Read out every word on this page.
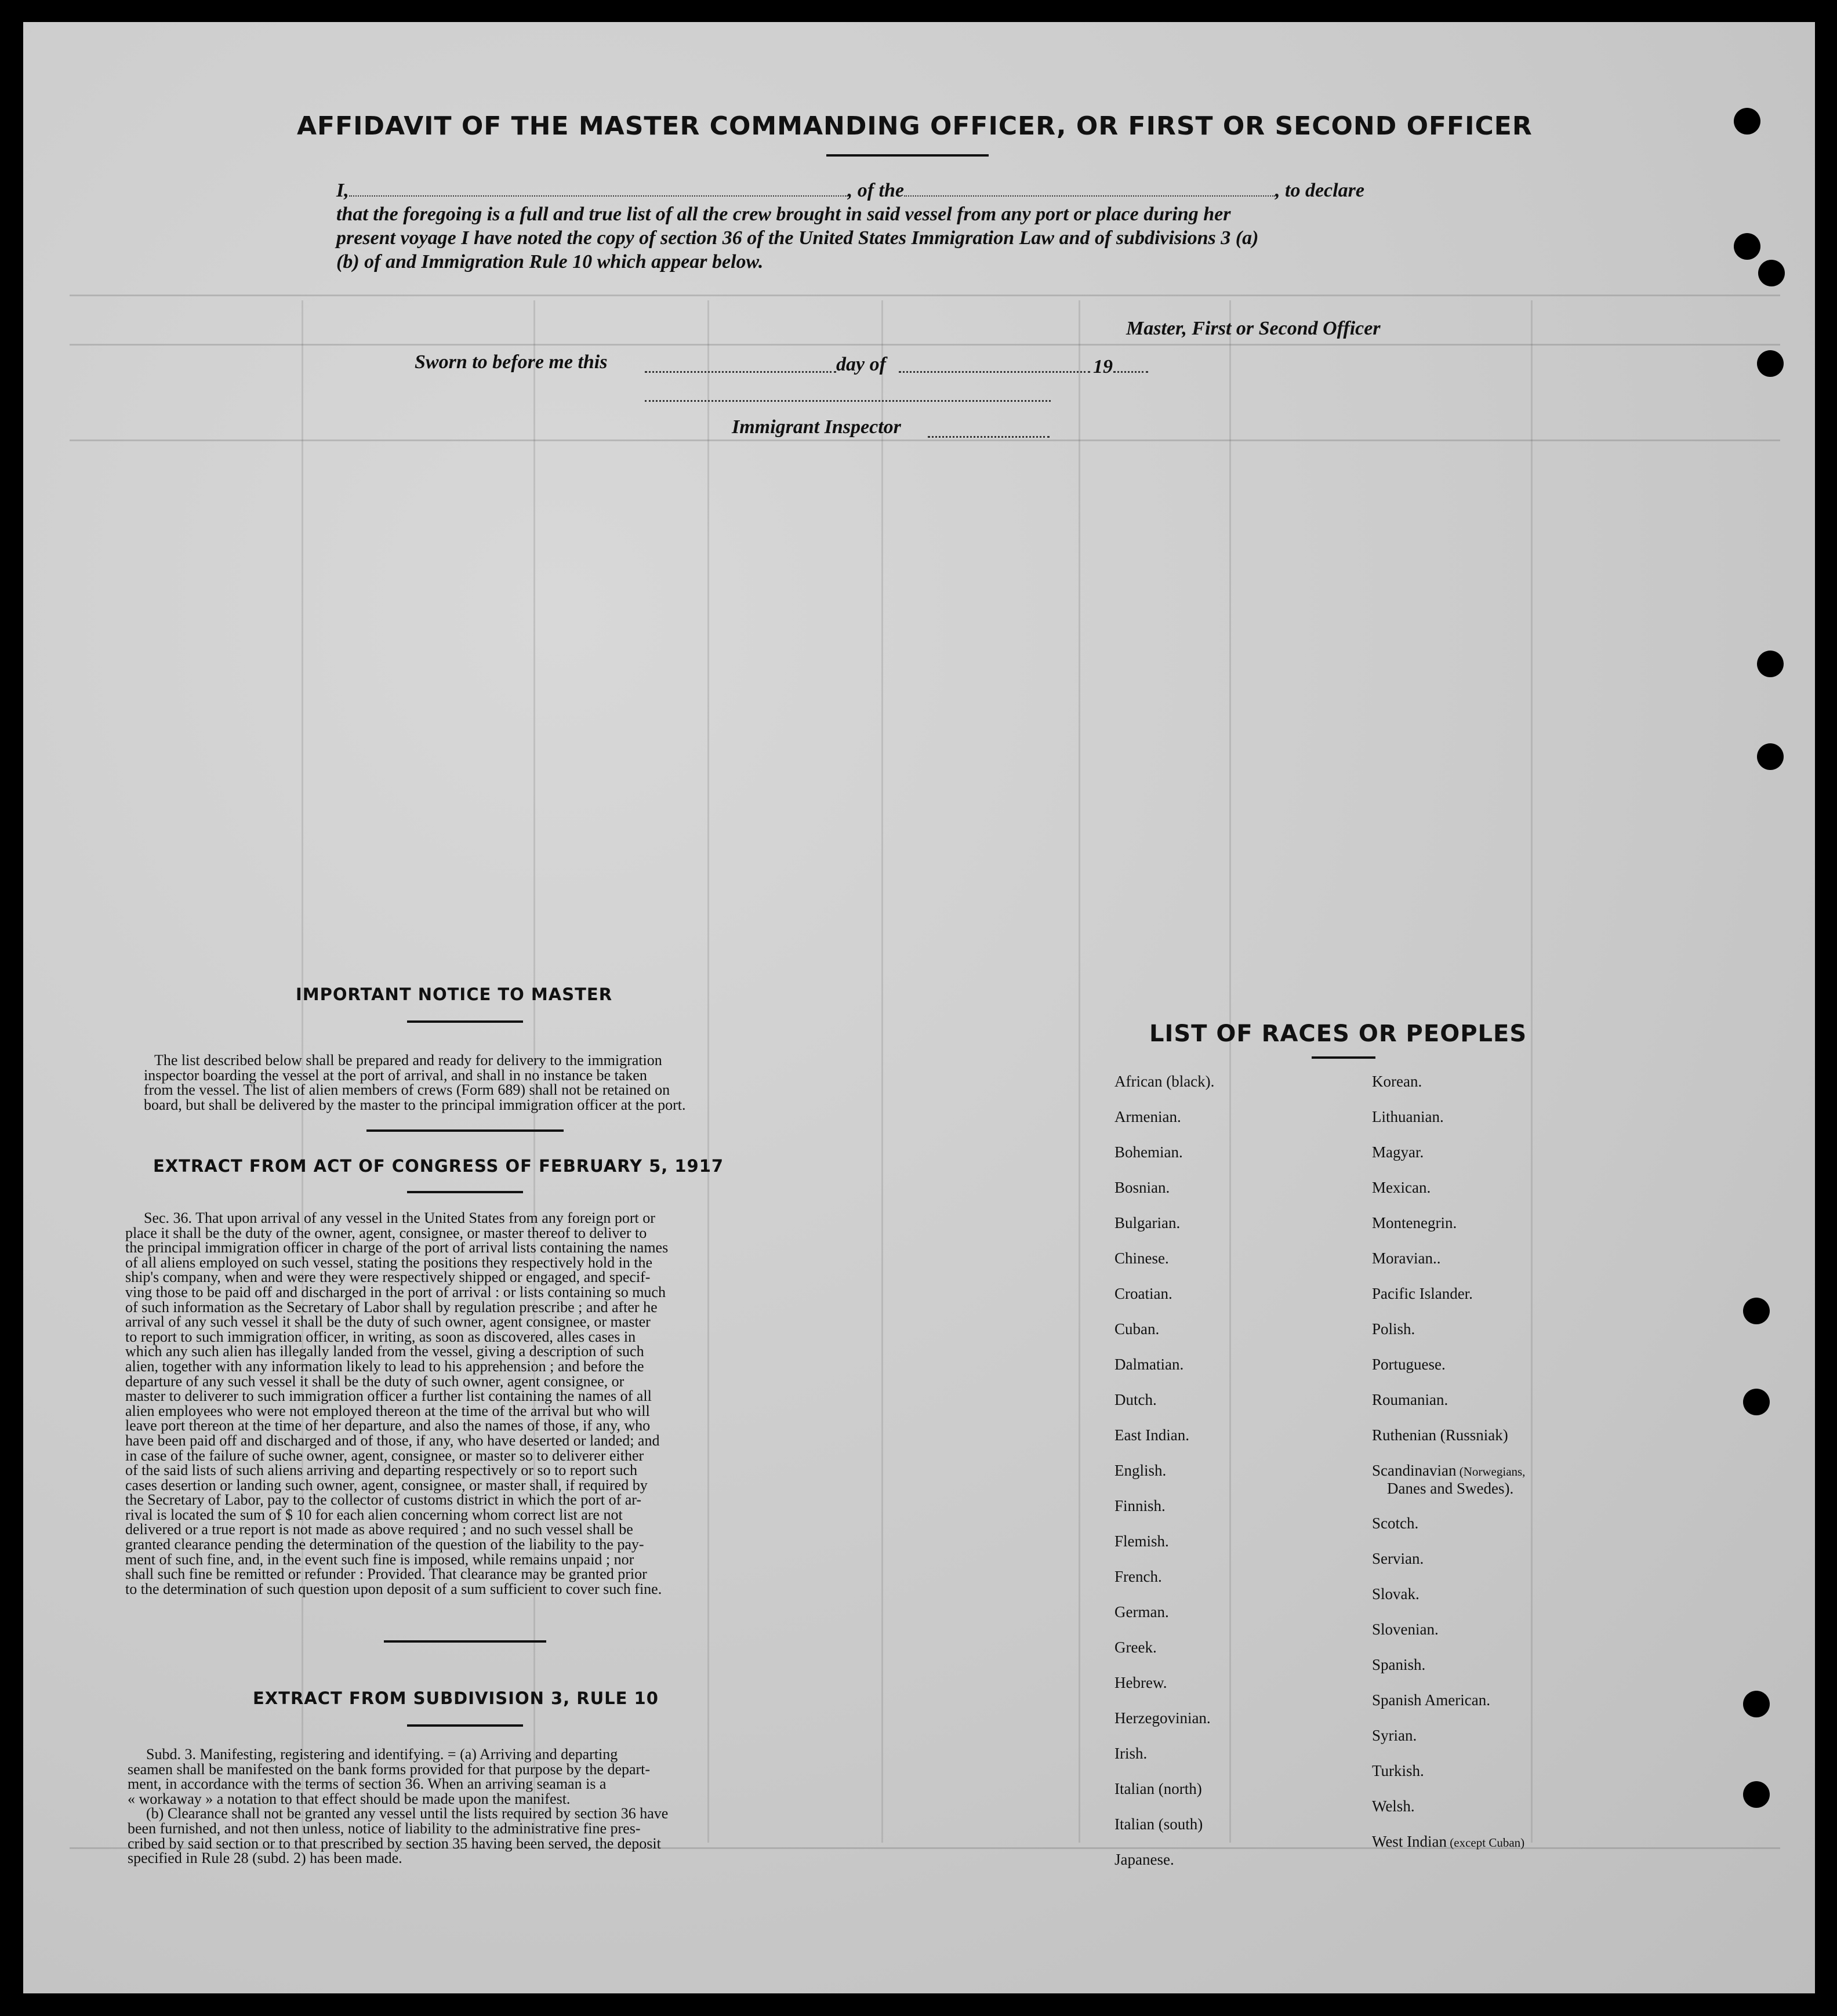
AFFIDAVIT OF THE MASTER COMMANDING OFFICER, OR FIRST OR SECOND OFFICER
I,	, of the	, to declare
that the foregoing is a full and true list of all the crew brought in said vessel from any port or place during her
present voyage I have noted the copy of section 36 of the United States Immigration Law and of subdivisions 3 (a)
(b) of and Immigration Rule 10 which appear below.
Master, First or Second Officer
Sworn to before me this	day of	19
Immigrant Inspector
IMPORTANT NOTICE TO MASTER
The list described below shall be prepared and ready for delivery to the immigration
inspector boarding the vessel at the port of arrival, and shall in no instance be taken
from the vessel. The list of alien members of crews (Form 689) shall not be retained on
board, but shall be delivered by the master to the principal immigration officer at the port.
EXTRACT FROM ACT OF CONGRESS OF FEBRUARY 5, 1917
Sec. 36. That upon arrival of any vessel in the United States from any foreign port or
place it shall be the duty of the owner, agent, consignee, or master thereof to deliver to
the principal immigration officer in charge of the port of arrival lists containing the names
of all aliens employed on such vessel, stating the positions they respectively hold in the
ship's company, when and were they were respectively shipped or engaged, and specif-
ving those to be paid off and discharged in the port of arrival : or lists containing so much
of such information as the Secretary of Labor shall by regulation prescribe ; and after he
arrival of any such vessel it shall be the duty of such owner, agent consignee, or master
to report to such immigration officer, in writing, as soon as discovered, alles cases in
which any such alien has illegally landed from the vessel, giving a description of such
alien, together with any information likely to lead to his apprehension ; and before the
departure of any such vessel it shall be the duty of such owner, agent consignee, or
master to deliverer to such immigration officer a further list containing the names of all
alien employees who were not employed thereon at the time of the arrival but who will
leave port thereon at the time of her departure, and also the names of those, if any, who
have been paid off and discharged and of those, if any, who have deserted or landed; and
in case of the failure of suche owner, agent, consignee, or master so to deliverer either
of the said lists of such aliens arriving and departing respectively or so to report such
cases desertion or landing such owner, agent, consignee, or master shall, if required by
the Secretary of Labor, pay to the collector of customs district in which the port of ar-
rival is located the sum of $ 10 for each alien concerning whom correct list are not
delivered or a true report is not made as above required ; and no such vessel shall be
granted clearance pending the determination of the question of the liability to the pay-
ment of such fine, and, in the event such fine is imposed, while remains unpaid ; nor
shall such fine be remitted or refunder : Provided. That clearance may be granted prior
to the determination of such question upon deposit of a sum sufficient to cover such fine.
EXTRACT FROM SUBDIVISION 3, RULE 10
Subd. 3. Manifesting, registering and identifying. = (a) Arriving and departing
seamen shall be manifested on the bank forms provided for that purpose by the depart-
ment, in accordance with the terms of section 36. When an arriving seaman is a
« workaway » a notation to that effect should be made upon the manifest.
(b) Clearance shall not be granted any vessel until the lists required by section 36 have
been furnished, and not then unless, notice of liability to the administrative fine pres-
cribed by said section or to that prescribed by section 35 having been served, the deposit
specified in Rule 28 (subd. 2) has been made.
LIST OF RACES OR PEOPLES
African (black).
Armenian.
Bohemian.
Bosnian.
Bulgarian.
Chinese.
Croatian.
Cuban.
Dalmatian.
Dutch.
East Indian.
English.
Finnish.
Flemish.
French.
German.
Greek.
Hebrew.
Herzegovinian.
Irish.
Italian (north)
Italian (south)
Japanese.
Korean.
Lithuanian.
Magyar.
Mexican.
Montenegrin.
Moravian..
Pacific Islander.
Polish.
Portuguese.
Roumanian.
Ruthenian (Russniak)
Scandinavian (Norwegians,
Danes and Swedes).
Scotch.
Servian.
Slovak.
Slovenian.
Spanish.
Spanish American.
Syrian.
Turkish.
Welsh.
West Indian (except Cuban)
